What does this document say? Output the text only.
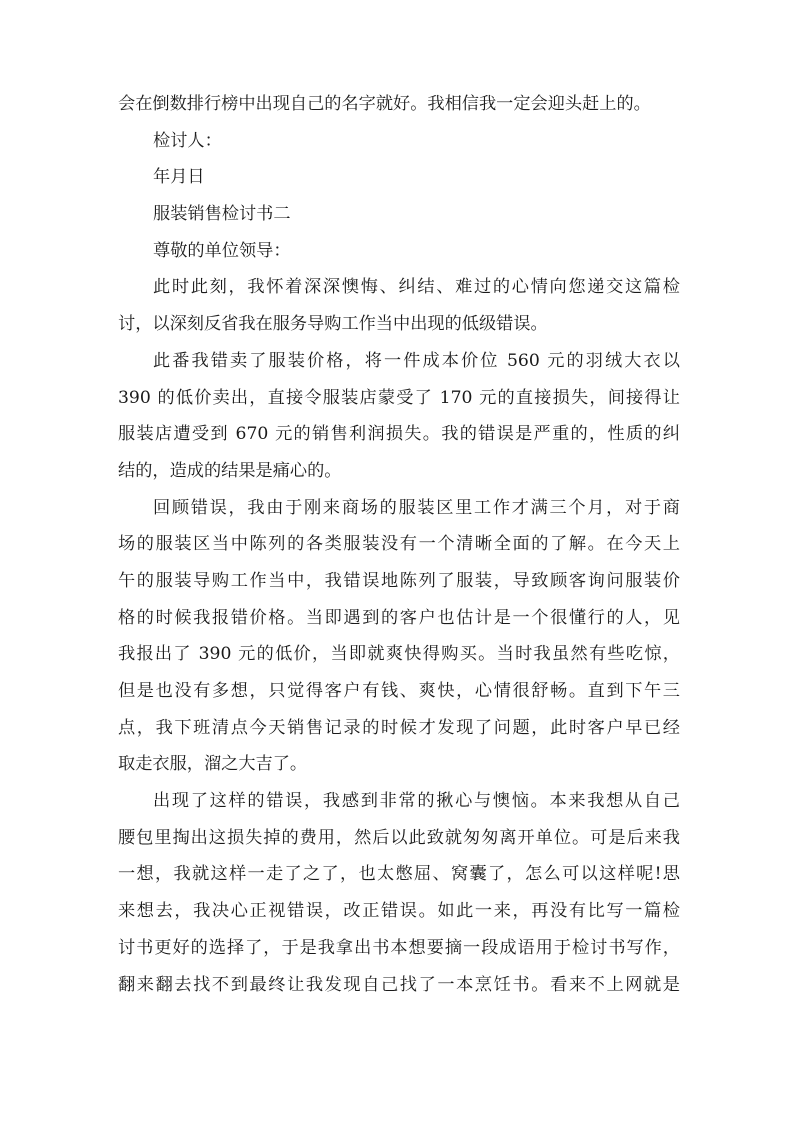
会在倒数排行榜中出现自己的名字就好。我相信我一定会迎头赶上的。
检讨人：
年月日
服装销售检讨书二
尊敬的单位领导：
此时此刻，我怀着深深懊悔、纠结、难过的心情向您递交这篇检
讨，以深刻反省我在服务导购工作当中出现的低级错误。
此番我错卖了服装价格，将一件成本价位 560 元的羽绒大衣以
390 的低价卖出，直接令服装店蒙受了 170 元的直接损失，间接得让
服装店遭受到 670 元的销售利润损失。我的错误是严重的，性质的纠
结的，造成的结果是痛心的。
回顾错误，我由于刚来商场的服装区里工作才满三个月，对于商
场的服装区当中陈列的各类服装没有一个清晰全面的了解。在今天上
午的服装导购工作当中，我错误地陈列了服装，导致顾客询问服装价
格的时候我报错价格。当即遇到的客户也估计是一个很懂行的人，见
我报出了 390 元的低价，当即就爽快得购买。当时我虽然有些吃惊，
但是也没有多想，只觉得客户有钱、爽快，心情很舒畅。直到下午三
点，我下班清点今天销售记录的时候才发现了问题，此时客户早已经
取走衣服，溜之大吉了。
出现了这样的错误，我感到非常的揪心与懊恼。本来我想从自己
腰包里掏出这损失掉的费用，然后以此致就匆匆离开单位。可是后来我
一想，我就这样一走了之了，也太憋屈、窝囊了，怎么可以这样呢!思
来想去，我决心正视错误，改正错误。如此一来，再没有比写一篇检
讨书更好的选择了，于是我拿出书本想要摘一段成语用于检讨书写作，
翻来翻去找不到最终让我发现自己找了一本烹饪书。看来不上网就是
